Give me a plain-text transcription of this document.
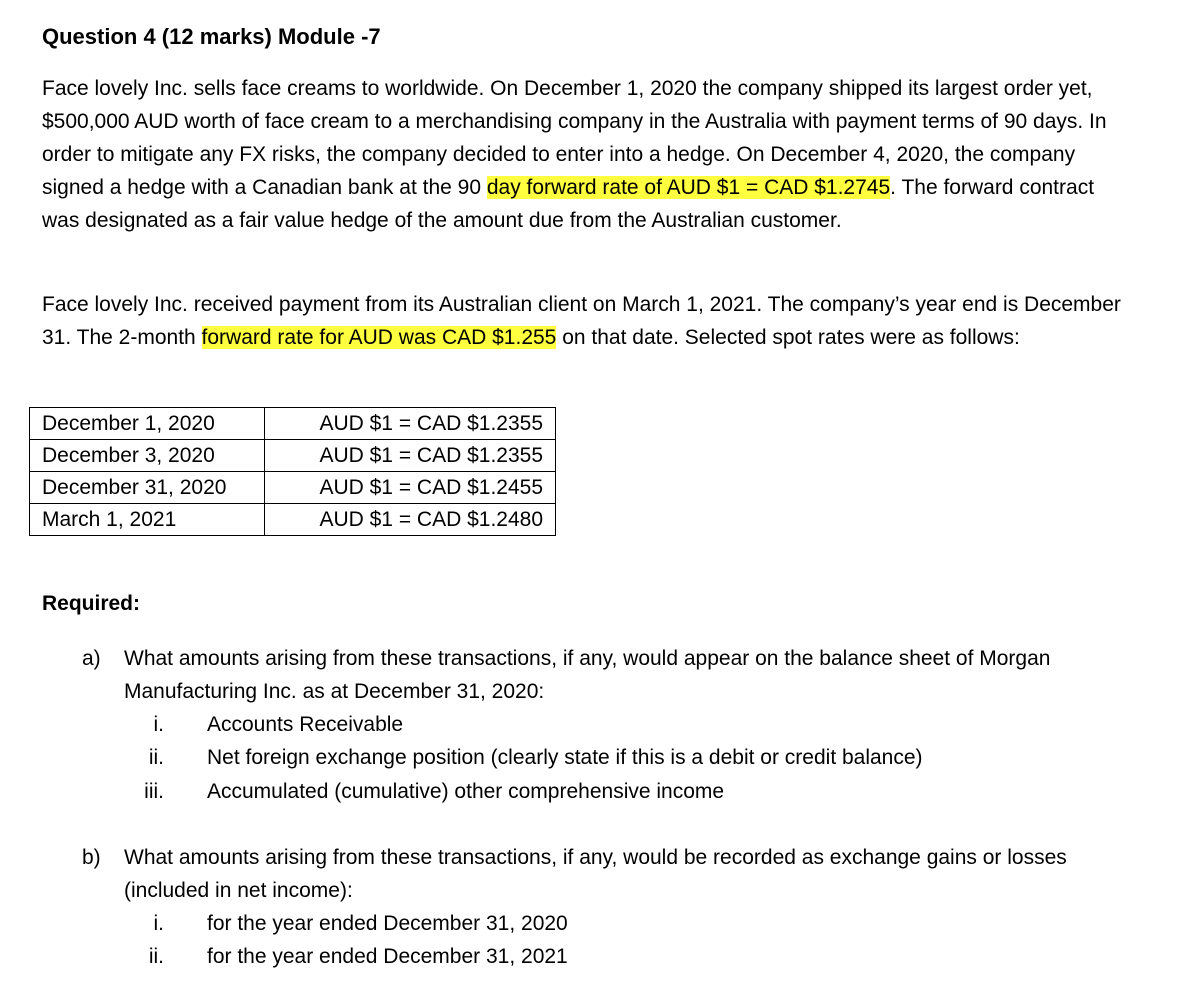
Question 4 (12 marks) Module -7
Face lovely Inc. sells face creams to worldwide. On December 1, 2020 the company shipped its largest order yet, $500,000 AUD worth of face cream to a merchandising company in the Australia with payment terms of 90 days. In order to mitigate any FX risks, the company decided to enter into a hedge. On December 4, 2020, the company signed a hedge with a Canadian bank at the 90 day forward rate of AUD $1 = CAD $1.2745. The forward contract was designated as a fair value hedge of the amount due from the Australian customer.
Face lovely Inc. received payment from its Australian client on March 1, 2021. The company’s year end is December 31. The 2-month forward rate for AUD was CAD $1.255 on that date. Selected spot rates were as follows:
December 1, 2020	AUD $1 = CAD $1.2355
December 3, 2020	AUD $1 = CAD $1.2355
December 31, 2020	AUD $1 = CAD $1.2455
March 1, 2021	AUD $1 = CAD $1.2480
Required:
a) What amounts arising from these transactions, if any, would appear on the balance sheet of Morgan Manufacturing Inc. as at December 31, 2020:
i. Accounts Receivable
ii. Net foreign exchange position (clearly state if this is a debit or credit balance)
iii. Accumulated (cumulative) other comprehensive income
b) What amounts arising from these transactions, if any, would be recorded as exchange gains or losses (included in net income):
i. for the year ended December 31, 2020
ii. for the year ended December 31, 2021
